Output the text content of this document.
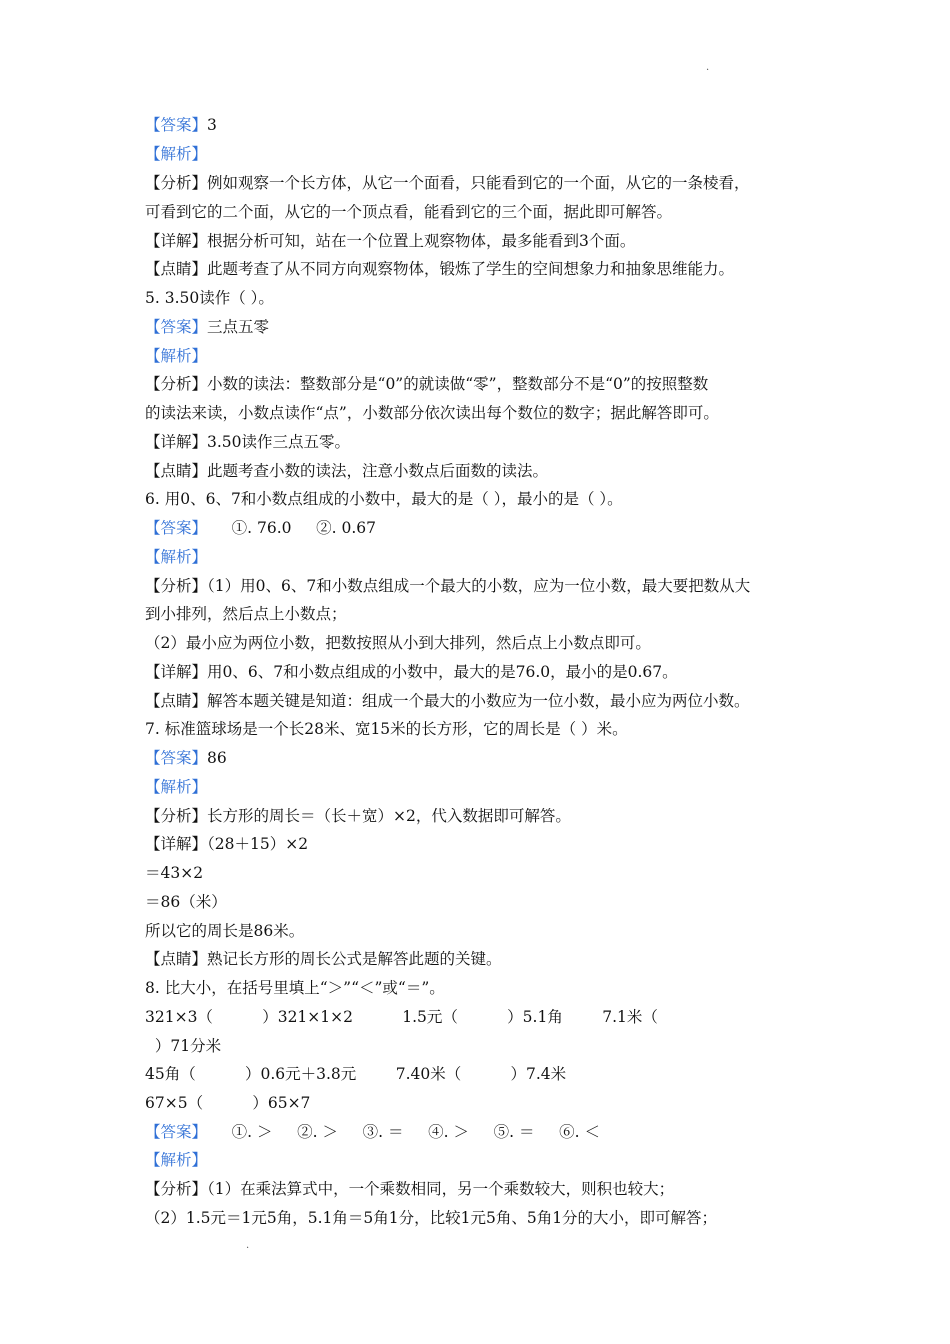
.
【答案】3
【解析】
【分析】例如观察一个长方体，从它一个面看，只能看到它的一个面，从它的一条棱看，
可看到它的二个面，从它的一个顶点看，能看到它的三个面，据此即可解答。
【详解】根据分析可知，站在一个位置上观察物体，最多能看到3个面。
【点睛】此题考查了从不同方向观察物体，锻炼了学生的空间想象力和抽象思维能力。
5. 3.50读作（ ）。
【答案】三点五零
【解析】
【分析】小数的读法：整数部分是“0”的就读做“零”，整数部分不是“0”的按照整数
的读法来读，小数点读作“点”，小数部分依次读出每个数位的数字；据此解答即可。
【详解】3.50读作三点五零。
【点睛】此题考查小数的读法，注意小数点后面数的读法。
6. 用0、6、7和小数点组成的小数中，最大的是（ ），最小的是（ ）。
【答案】     ①. 76.0     ②. 0.67
【解析】
【分析】（1）用0、6、7和小数点组成一个最大的小数，应为一位小数，最大要把数从大
到小排列，然后点上小数点；
（2）最小应为两位小数，把数按照从小到大排列，然后点上小数点即可。
【详解】用0、6、7和小数点组成的小数中，最大的是76.0，最小的是0.67。
【点睛】解答本题关键是知道：组成一个最大的小数应为一位小数，最小应为两位小数。
7. 标准篮球场是一个长28米、宽15米的长方形，它的周长是（ ）米。
【答案】86
【解析】
【分析】长方形的周长＝（长＋宽）×2，代入数据即可解答。
【详解】（28＋15）×2
＝43×2
＝86（米）
所以它的周长是86米。
【点睛】熟记长方形的周长公式是解答此题的关键。
8. 比大小，在括号里填上“＞”“＜”或“＝”。
321×3（          ）321×1×2          1.5元（          ）5.1角        7.1米（
）71分米
45角（          ）0.6元＋3.8元        7.40米（          ）7.4米
67×5（          ）65×7
【答案】     ①. ＞     ②. ＞     ③. ＝     ④. ＞     ⑤. ＝     ⑥. ＜
【解析】
【分析】（1）在乘法算式中，一个乘数相同，另一个乘数较大，则积也较大；
（2）1.5元＝1元5角，5.1角＝5角1分，比较1元5角、5角1分的大小，即可解答；
.
